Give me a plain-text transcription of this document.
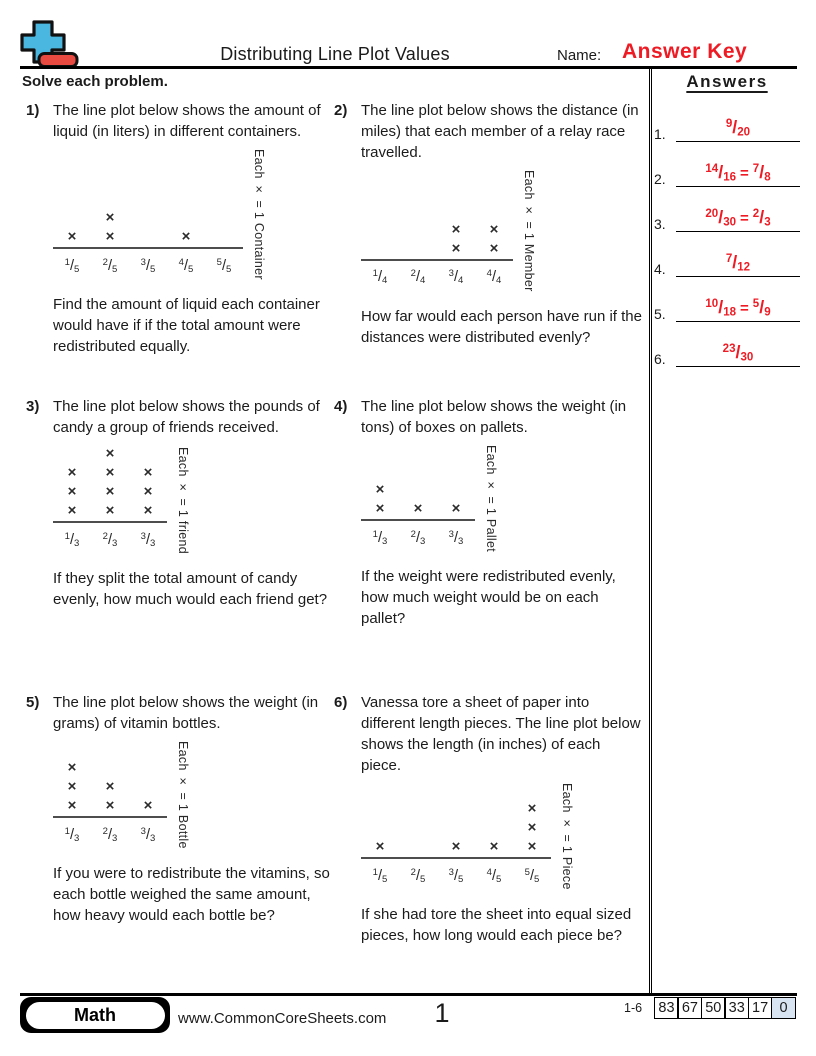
Distributing Line Plot Values	Name: Answer Key
Solve each problem.
1) The line plot below shows the amount of liquid (in liters) in different containers.

×
×
×	×
$^1/_5$
$^2/_5$
$^3/_5$
$^4/_5$
$^5/_5$	Each × = 1 Container

Find the amount of liquid each container would have if if the total amount were redistributed equally.

2) The line plot below shows the distance (in miles) that each member of a relay race travelled.

×
×
×
×
$^1/_4$
$^2/_4$
$^3/_4$
$^4/_4$	Each × = 1 Member

How far would each person have run if the distances were distributed evenly?

3) The line plot below shows the pounds of candy a group of friends received.

×
×
×
×
×
×
×
×
×
×
$^1/_3$
$^2/_3$
$^3/_3$	Each × = 1 friend

If they split the total amount of candy evenly, how much would each friend get?

4) The line plot below shows the weight (in tons) of boxes on pallets.

×
× × ×
$^1/_3$
$^2/_3$
$^3/_3$	Each × = 1 Pallet

If the weight were redistributed evenly, how much weight would be on each pallet?

5) The line plot below shows the weight (in grams) of vitamin bottles.

×
×
×
×
× ×
$^1/_3$
$^2/_3$
$^3/_3$	Each × = 1 Bottle

If you were to redistribute the vitamins, so each bottle weighed the same amount, how heavy would each bottle be?

6) Vanessa tore a sheet of paper into different length pieces. The line plot below shows the length (in inches) of each piece.

×	× ×
×
×
×
$^1/_5$
$^2/_5$
$^3/_5$
$^4/_5$
$^5/_5$	Each × = 1 Piece

If she had tore the sheet into equal sized pieces, how long would each piece be?

Answers
1.
$^9/_{20}$
2.
$^{14}/_{16} = ^7/_8$
3.
$^{20}/_{30} = ^2/_3$
4.
$^7/_{12}$
5.
$^{10}/_{18} = ^5/_9$
6.
$^{23}/_{30}$
Math	www.CommonCoreSheets.com	1	1-6	83 67 50 33 17 0
